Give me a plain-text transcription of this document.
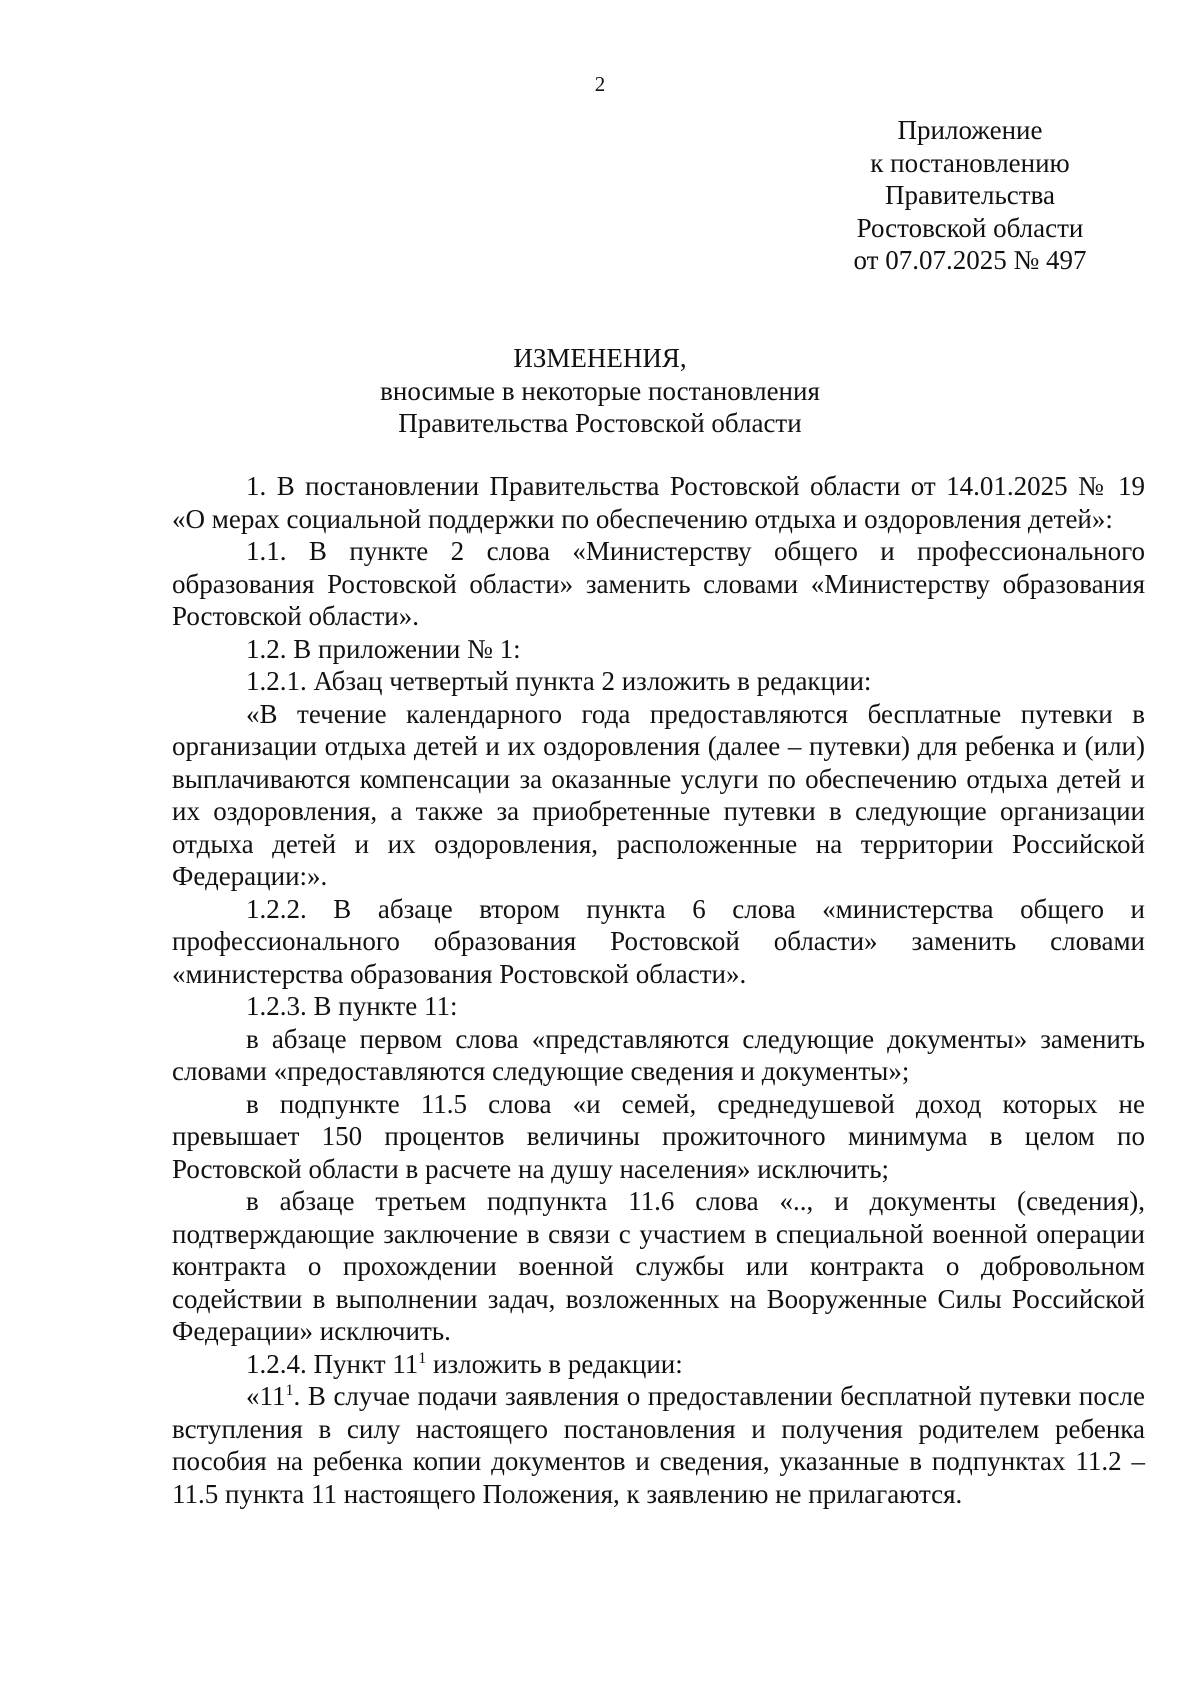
2
Приложение
к постановлению
Правительства
Ростовской области
от 07.07.2025 № 497
ИЗМЕНЕНИЯ,
вносимые в некоторые постановления
Правительства Ростовской области

1. В постановлении Правительства Ростовской области от 14.01.2025 № 19 «О мерах социальной поддержки по обеспечению отдыха и оздоровления детей»:

1.1. В пункте 2 слова «Министерству общего и профессионального образования Ростовской области» заменить словами «Министерству образования Ростовской области».

1.2. В приложении № 1:

1.2.1. Абзац четвертый пункта 2 изложить в редакции:

«В течение календарного года предоставляются бесплатные путевки в организации отдыха детей и их оздоровления (далее – путевки) для ребенка и (или) выплачиваются компенсации за оказанные услуги по обеспечению отдыха детей и их оздоровления, а также за приобретенные путевки в следующие организации отдыха детей и их оздоровления, расположенные на территории Российской Федерации:».

1.2.2. В абзаце втором пункта 6 слова «министерства общего и профессионального образования Ростовской области» заменить словами «министерства образования Ростовской области».

1.2.3. В пункте 11:

в абзаце первом слова «представляются следующие документы» заменить словами «предоставляются следующие сведения и документы»;

в подпункте 11.5 слова «и семей, среднедушевой доход которых не превышает 150 процентов величины прожиточного минимума в целом по Ростовской области в расчете на душу населения» исключить;

в абзаце третьем подпункта 11.6 слова «.., и документы (сведения), подтверждающие заключение в связи с участием в специальной военной операции контракта о прохождении военной службы или контракта о добровольном содействии в выполнении задач, возложенных на Вооруженные Силы Российской Федерации» исключить.

1.2.4. Пункт 11$^1$ изложить в редакции:

«11$^1$. В случае подачи заявления о предоставлении бесплатной путевки после вступления в силу настоящего постановления и получения родителем ребенка пособия на ребенка копии документов и сведения, указанные в подпунктах 11.2 – 11.5 пункта 11 настоящего Положения, к заявлению не прилагаются.
